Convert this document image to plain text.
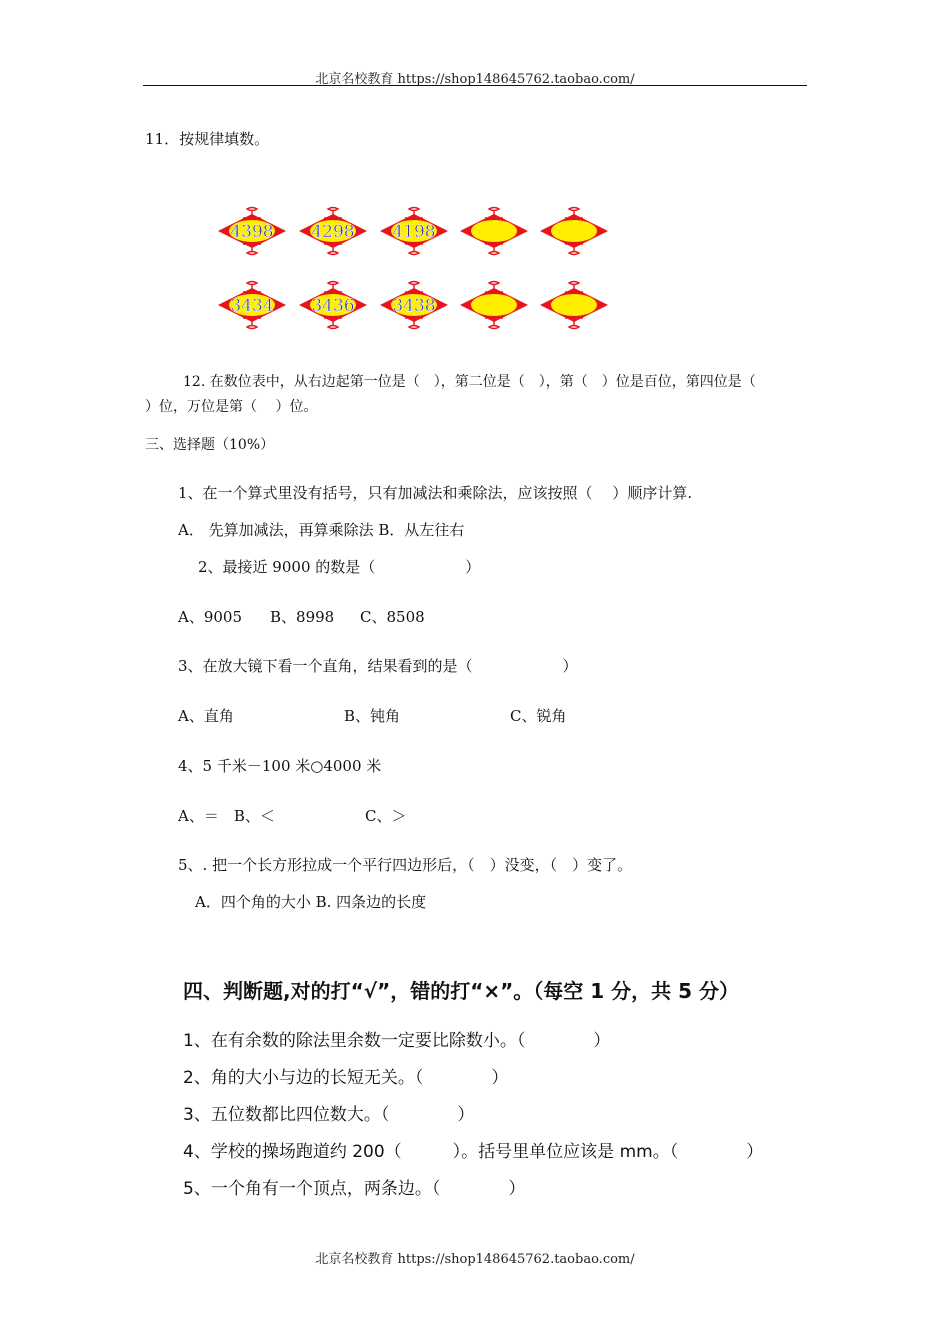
北京名校教育 https://shop148645762.taobao.com/
11．按规律填数。
4398 4298 4198
3434 3436 3438
12. 在数位表中，从右边起第一位是（　），第二位是（　），第（　）位是百位，第四位是（
）位，万位是第（　 ）位。
三、选择题（10%）
1、在一个算式里没有括号，只有加减法和乘除法，应该按照（　 ）顺序计算.
A． 先算加减法，再算乘除法 B．从左往右
2、最接近 9000 的数是（　　　　　　）
A、9005 B、8998 C、8508
3、在放大镜下看一个直角，结果看到的是（　　　　　　）
A、直角	B、钝角	C、锐角
4、5 千米－100 米○4000 米
A、＝　B、＜	C、＞
5、. 把一个长方形拉成一个平行四边形后，（　）没变，（　）变了。
A．四个角的大小 B. 四条边的长度
四、判断题,对的打“√”，错的打“×”。（每空 1 分，共 5 分）
1、在有余数的除法里余数一定要比除数小。（　　　　）
2、角的大小与边的长短无关。（　　　　）
3、五位数都比四位数大。（　　　　）
4、学校的操场跑道约 200（　　　）。括号里单位应该是 mm。（　　　　）
5、一个角有一个顶点，两条边。（　　　　）
北京名校教育 https://shop148645762.taobao.com/
